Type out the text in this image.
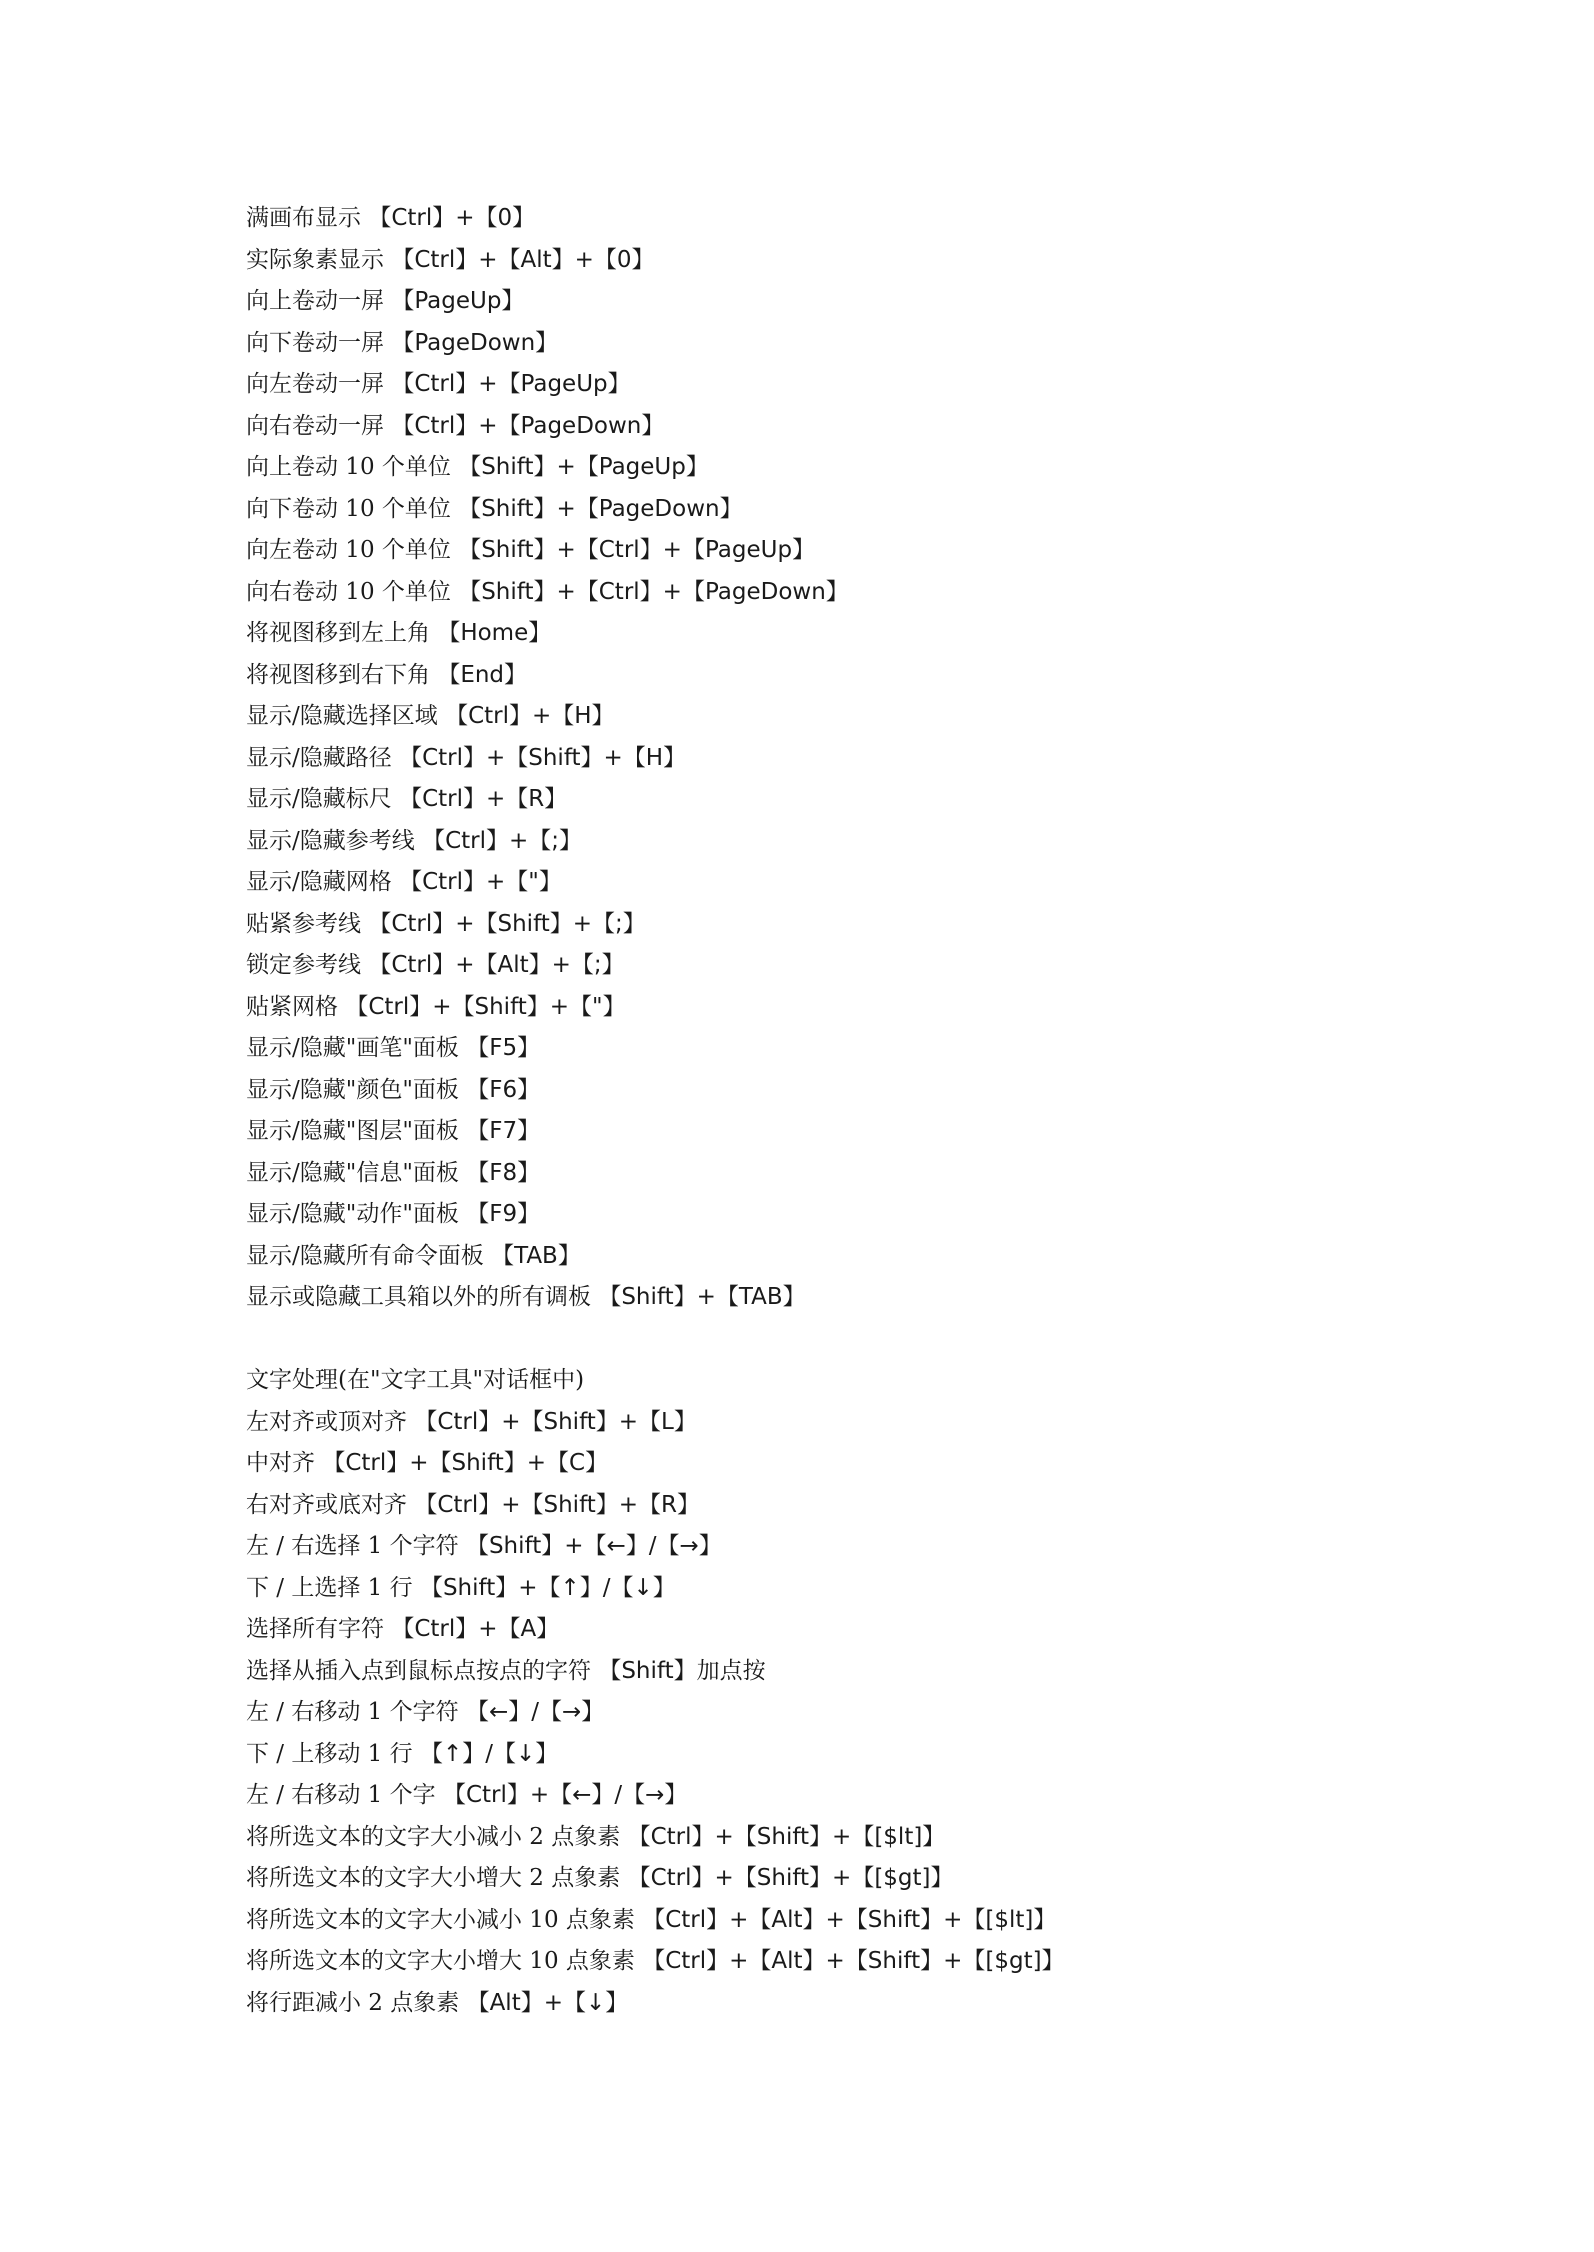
满画布显示 【Ctrl】+【0】
实际象素显示 【Ctrl】+【Alt】+【0】
向上卷动一屏 【PageUp】
向下卷动一屏 【PageDown】
向左卷动一屏 【Ctrl】+【PageUp】
向右卷动一屏 【Ctrl】+【PageDown】
向上卷动 10 个单位 【Shift】+【PageUp】
向下卷动 10 个单位 【Shift】+【PageDown】
向左卷动 10 个单位 【Shift】+【Ctrl】+【PageUp】
向右卷动 10 个单位 【Shift】+【Ctrl】+【PageDown】
将视图移到左上角 【Home】
将视图移到右下角 【End】
显示/隐藏选择区域 【Ctrl】+【H】
显示/隐藏路径 【Ctrl】+【Shift】+【H】
显示/隐藏标尺 【Ctrl】+【R】
显示/隐藏参考线 【Ctrl】+【;】
显示/隐藏网格 【Ctrl】+【"】
贴紧参考线 【Ctrl】+【Shift】+【;】
锁定参考线 【Ctrl】+【Alt】+【;】
贴紧网格 【Ctrl】+【Shift】+【"】
显示/隐藏"画笔"面板 【F5】
显示/隐藏"颜色"面板 【F6】
显示/隐藏"图层"面板 【F7】
显示/隐藏"信息"面板 【F8】
显示/隐藏"动作"面板 【F9】
显示/隐藏所有命令面板 【TAB】
显示或隐藏工具箱以外的所有调板 【Shift】+【TAB】
文字处理(在"文字工具"对话框中)
左对齐或顶对齐 【Ctrl】+【Shift】+【L】
中对齐 【Ctrl】+【Shift】+【C】
右对齐或底对齐 【Ctrl】+【Shift】+【R】
左 / 右选择 1 个字符 【Shift】+【←】/【→】
下 / 上选择 1 行 【Shift】+【↑】/【↓】
选择所有字符 【Ctrl】+【A】
选择从插入点到鼠标点按点的字符 【Shift】加点按
左 / 右移动 1 个字符 【←】/【→】
下 / 上移动 1 行 【↑】/【↓】
左 / 右移动 1 个字 【Ctrl】+【←】/【→】
将所选文本的文字大小减小 2 点象素 【Ctrl】+【Shift】+【[$lt]】
将所选文本的文字大小增大 2 点象素 【Ctrl】+【Shift】+【[$gt]】
将所选文本的文字大小减小 10 点象素 【Ctrl】+【Alt】+【Shift】+【[$lt]】
将所选文本的文字大小增大 10 点象素 【Ctrl】+【Alt】+【Shift】+【[$gt]】
将行距减小 2 点象素 【Alt】+【↓】
